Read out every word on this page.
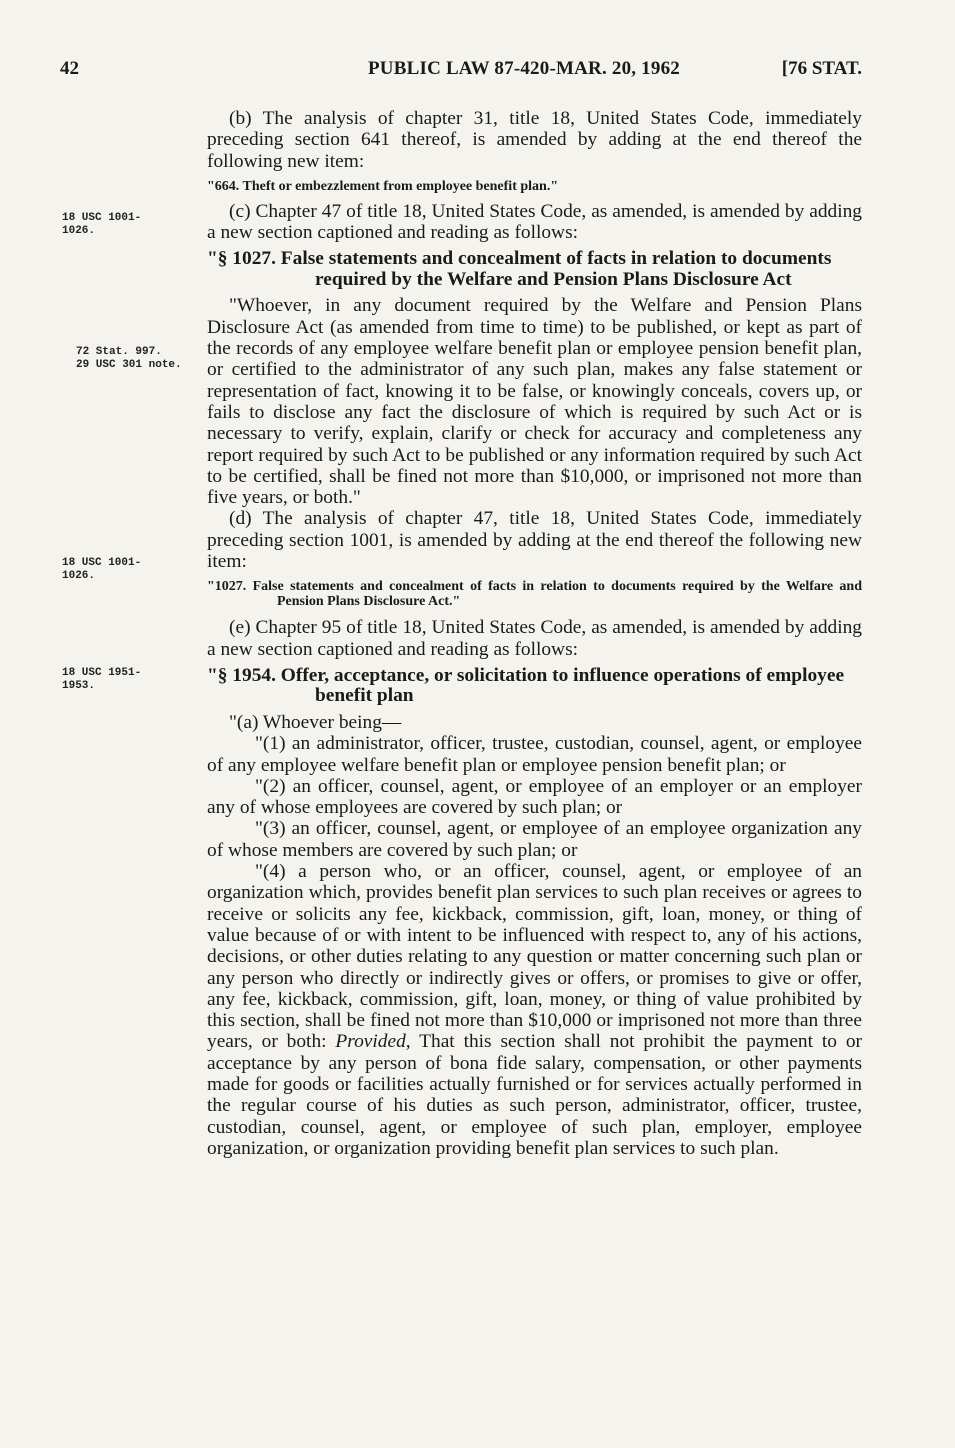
42	PUBLIC LAW 87-420-MAR. 20, 1962	[76 STAT.
18 USC 1001-
1026.
72 Stat. 997.
29 USC 301 note.
18 USC 1001-
1026.
18 USC 1951-
1953.

(b) The analysis of chapter 31, title 18, United States Code, immediately preceding section 641 thereof, is amended by adding at the end thereof the following new item:

"664. Theft or embezzlement from employee benefit plan."

(c) Chapter 47 of title 18, United States Code, as amended, is amended by adding a new section captioned and reading as follows:

"§ 1027. False statements and concealment of facts in relation to documents required by the Welfare and Pension Plans Disclosure Act

"Whoever, in any document required by the Welfare and Pension Plans Disclosure Act (as amended from time to time) to be published, or kept as part of the records of any employee welfare benefit plan or employee pension benefit plan, or certified to the administrator of any such plan, makes any false statement or representation of fact, knowing it to be false, or knowingly conceals, covers up, or fails to disclose any fact the disclosure of which is required by such Act or is necessary to verify, explain, clarify or check for accuracy and completeness any report required by such Act to be published or any information required by such Act to be certified, shall be fined not more than $10,000, or imprisoned not more than five years, or both."

(d) The analysis of chapter 47, title 18, United States Code, immediately preceding section 1001, is amended by adding at the end thereof the following new item:

"1027. False statements and concealment of facts in relation to documents required by the Welfare and Pension Plans Disclosure Act."

(e) Chapter 95 of title 18, United States Code, as amended, is amended by adding a new section captioned and reading as follows:

"§ 1954. Offer, acceptance, or solicitation to influence operations of employee benefit plan

"(a) Whoever being—

"(1) an administrator, officer, trustee, custodian, counsel, agent, or employee of any employee welfare benefit plan or employee pension benefit plan; or

"(2) an officer, counsel, agent, or employee of an employer or an employer any of whose employees are covered by such plan; or

"(3) an officer, counsel, agent, or employee of an employee organization any of whose members are covered by such plan; or

"(4) a person who, or an officer, counsel, agent, or employee of an organization which, provides benefit plan services to such plan receives or agrees to receive or solicits any fee, kickback, commission, gift, loan, money, or thing of value because of or with intent to be influenced with respect to, any of his actions, decisions, or other duties relating to any question or matter concerning such plan or any person who directly or indirectly gives or offers, or promises to give or offer, any fee, kickback, commission, gift, loan, money, or thing of value prohibited by this section, shall be fined not more than $10,000 or imprisoned not more than three years, or both: Provided, That this section shall not prohibit the payment to or acceptance by any person of bona fide salary, compensation, or other payments made for goods or facilities actually furnished or for services actually performed in the regular course of his duties as such person, administrator, officer, trustee, custodian, counsel, agent, or employee of such plan, employer, employee organization, or organization providing benefit plan services to such plan.
